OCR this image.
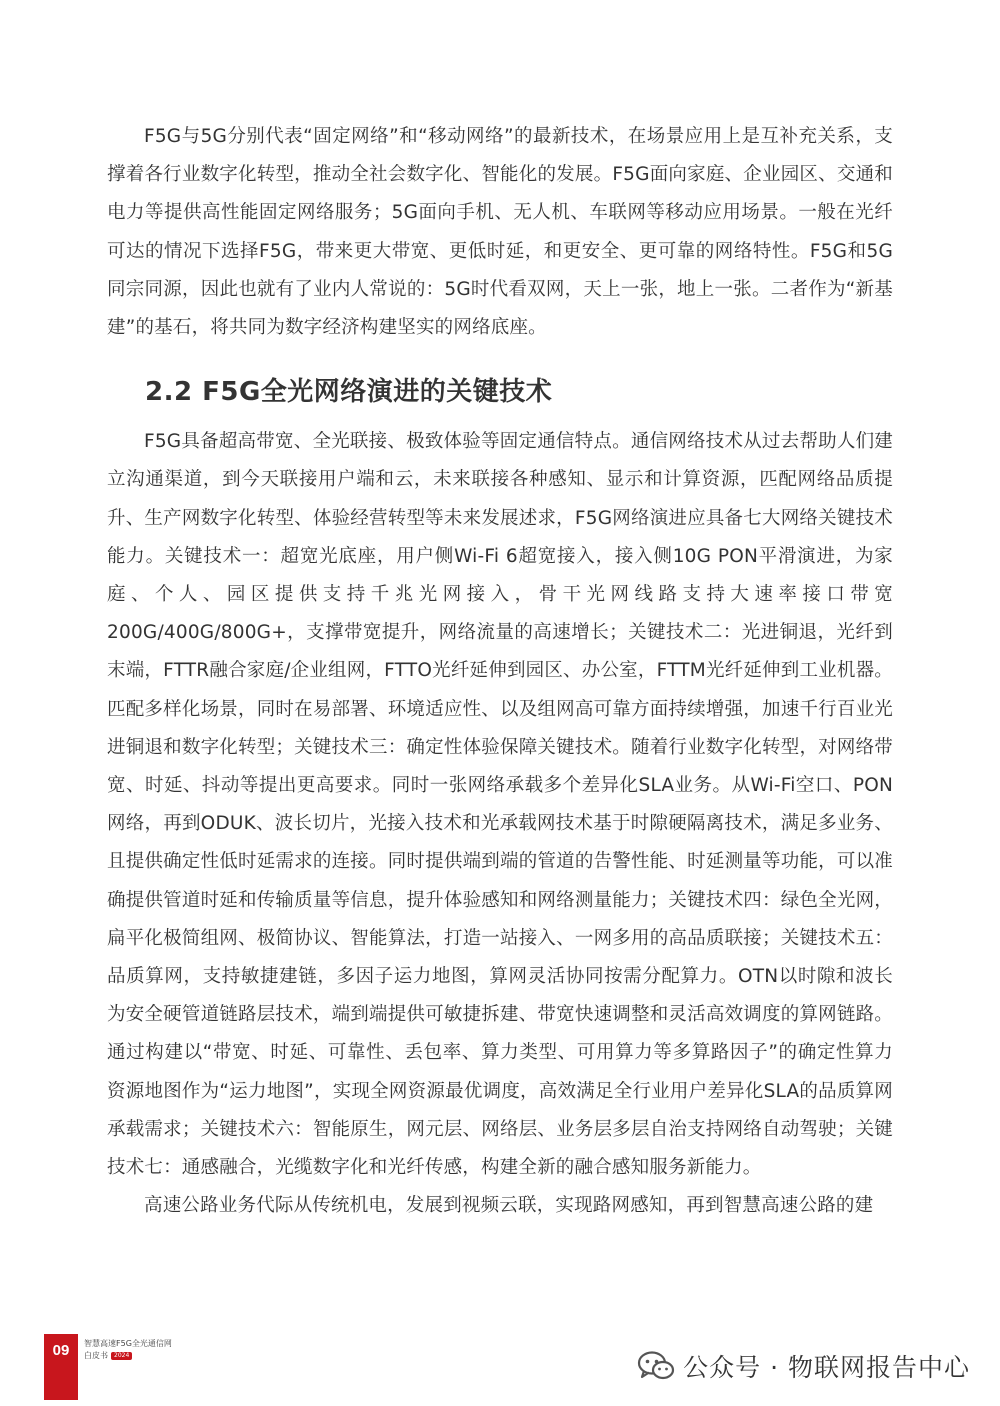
F5G与5G分别代表“固定网络”和“移动网络”的最新技术，在场景应用上是互补充关系，支撑着各行业数字化转型，推动全社会数字化、智能化的发展。F5G面向家庭、企业园区、交通和电力等提供高性能固定网络服务；5G面向手机、无人机、车联网等移动应用场景。一般在光纤可达的情况下选择F5G，带来更大带宽、更低时延，和更安全、更可靠的网络特性。F5G和5G同宗同源，因此也就有了业内人常说的：5G时代看双网，天上一张，地上一张。二者作为“新基建”的基石，将共同为数字经济构建坚实的网络底座。

2.2 F5G全光网络演进的关键技术

F5G具备超高带宽、全光联接、极致体验等固定通信特点。通信网络技术从过去帮助人们建立沟通渠道，到今天联接用户端和云，未来联接各种感知、显示和计算资源，匹配网络品质提升、生产网数字化转型、体验经营转型等未来发展述求，F5G网络演进应具备七大网络关键技术能力。关键技术一：超宽光底座，用户侧Wi-Fi 6超宽接入，接入侧10G PON平滑演进，为家庭、个人、园区提供支持千兆光网接入，骨干光网线路支持大速率接口带宽200G/400G/800G+，支撑带宽提升，网络流量的高速增长；关键技术二：光进铜退，光纤到末端，FTTR融合家庭/企业组网，FTTO光纤延伸到园区、办公室，FTTM光纤延伸到工业机器。匹配多样化场景，同时在易部署、环境适应性、以及组网高可靠方面持续增强，加速千行百业光进铜退和数字化转型；关键技术三：确定性体验保障关键技术。随着行业数字化转型，对网络带宽、时延、抖动等提出更高要求。同时一张网络承载多个差异化SLA业务。从Wi-Fi空口、PON网络，再到ODUK、波长切片，光接入技术和光承载网技术基于时隙硬隔离技术，满足多业务、且提供确定性低时延需求的连接。同时提供端到端的管道的告警性能、时延测量等功能，可以准确提供管道时延和传输质量等信息，提升体验感知和网络测量能力；关键技术四：绿色全光网，扁平化极简组网、极简协议、智能算法，打造一站接入、一网多用的高品质联接；关键技术五：品质算网，支持敏捷建链，多因子运力地图，算网灵活协同按需分配算力。OTN以时隙和波长为安全硬管道链路层技术，端到端提供可敏捷拆建、带宽快速调整和灵活高效调度的算网链路。通过构建以“带宽、时延、可靠性、丢包率、算力类型、可用算力等多算路因子”的确定性算力资源地图作为“运力地图”，实现全网资源最优调度，高效满足全行业用户差异化SLA的品质算网承载需求；关键技术六：智能原生，网元层、网络层、业务层多层自治支持网络自动驾驶；关键技术七：通感融合，光缆数字化和光纤传感，构建全新的融合感知服务新能力。

高速公路业务代际从传统机电，发展到视频云联，实现路网感知，再到智慧高速公路的建

09	智慧高速F5G全光通信网
白皮书	2024	公众号 · 物联网报告中心
